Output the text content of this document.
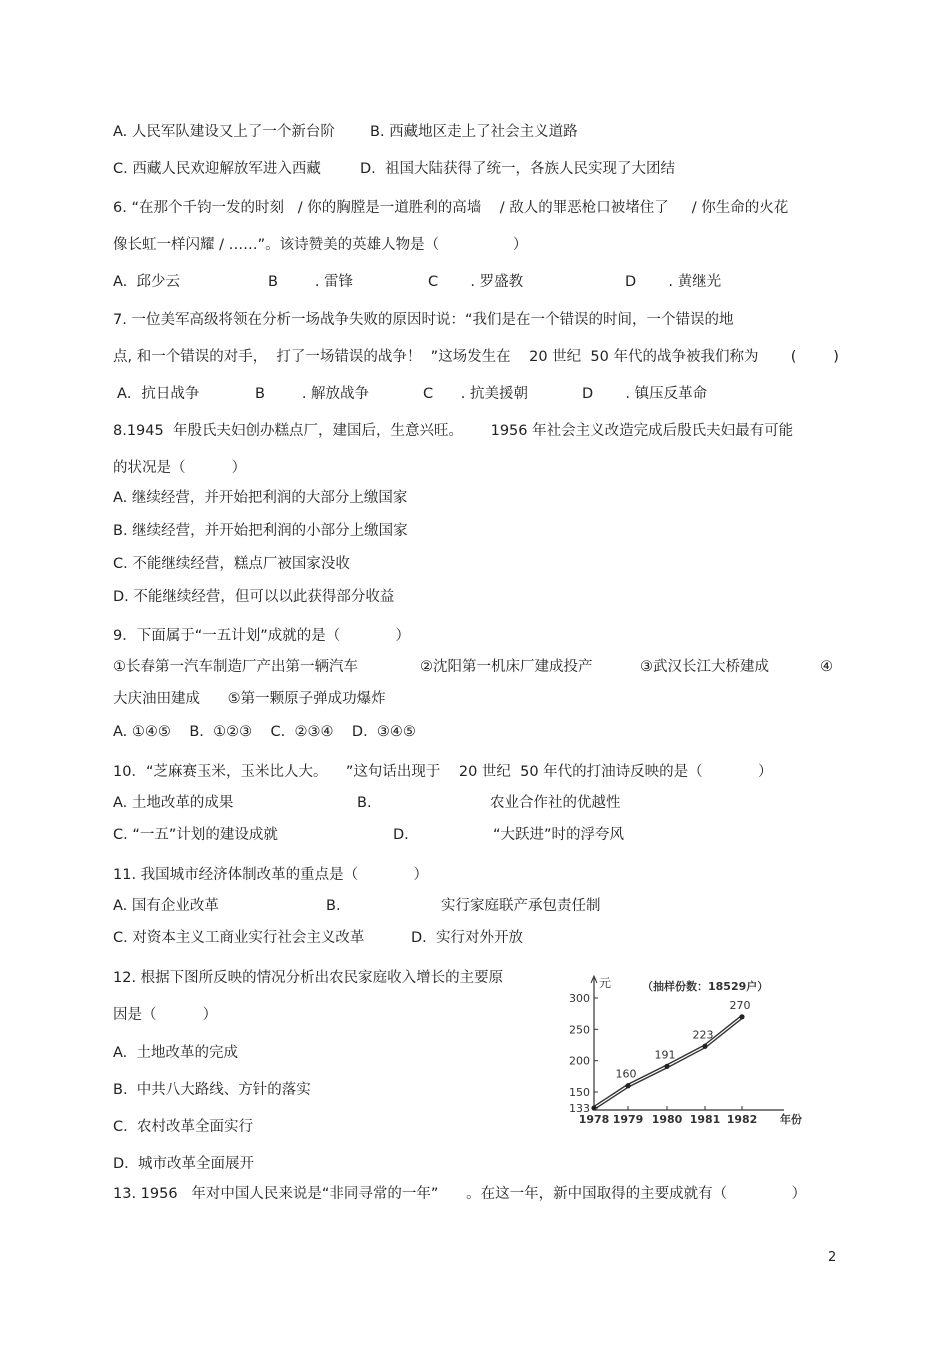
A. 人民军队建设又上了一个新台阶 B. 西藏地区走上了社会主义道路
C. 西藏人民欢迎解放军进入西藏	D.  祖国大陆获得了统一，各族人民实现了大团结
6. “在那个千钧一发的时刻   / 你的胸膛是一道胜利的高墙    / 敌人的罪恶枪口被堵住了     / 你生命的火花
像长虹一样闪耀 / ……”。该诗赞美的英雄人物是（                ）
A.  邱少云	B        . 雷锋	C       . 罗盛教	D       . 黄继光
7. 一位美军高级将领在分析一场战争失败的原因时说：“我们是在一个错误的时间，一个错误的地
点, 和一个错误的对手，  打了一场错误的战争！  ”这场发生在    20 世纪  50 年代的战争被我们称为       (        )
A．抗日战争	B        . 解放战争	C      . 抗美援朝	D       . 镇压反革命
8.1945  年殷氏夫妇创办糕点厂，建国后，生意兴旺。      1956 年社会主义改造完成后殷氏夫妇最有可能
的状况是（          ）
A. 继续经营，并开始把利润的大部分上缴国家
B. 继续经营，并开始把利润的小部分上缴国家
C. 不能继续经营，糕点厂被国家没收
D. 不能继续经营，但可以以此获得部分收益
9．下面属于“一五计划”成就的是（            ）
①长春第一汽车制造厂产出第一辆汽车	②沈阳第一机床厂建成投产	③武汉长江大桥建成	④
大庆油田建成      ⑤第一颗原子弹成功爆炸
A. ①④⑤    B.  ①②③    C.  ②③④    D.  ③④⑤
10．“芝麻赛玉米，玉米比人大。    ”这句话出现于    20 世纪  50 年代的打油诗反映的是（            ）
A. 土地改革的成果	B.	农业合作社的优越性
C. “一五”计划的建设成就	D.	“大跃进”时的浮夸风
11. 我国城市经济体制改革的重点是（            ）
A. 国有企业改革	B.	实行家庭联产承包责任制
C. 对资本主义工商业实行社会主义改革	D.  实行对外开放
12. 根据下图所反映的情况分析出农民家庭收入增长的主要原
因是（          ）
A.  土地改革的完成
B.  中共八大路线、方针的落实
C.  农村改革全面实行
D.  城市改革全面展开
300
250
200
150
133
1978 1979 1980 1981 1982
元	（抽样份数：18529户）
年份
160
191
223
270
13. 1956   年对中国人民来说是“非同寻常的一年”      。在这一年，新中国取得的主要成就有（              ）
2
